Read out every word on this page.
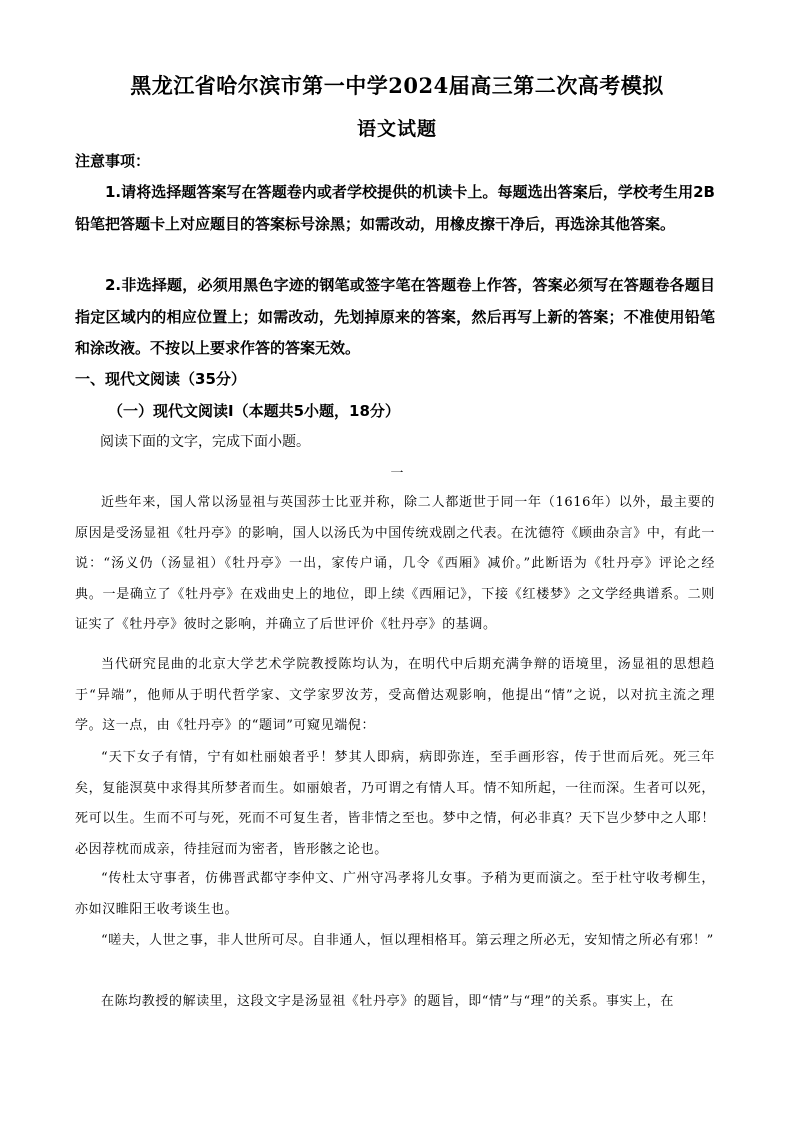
黑龙江省哈尔滨市第一中学2024届高三第二次高考模拟
语文试题
注意事项：

1.请将选择题答案写在答题卷内或者学校提供的机读卡上。每题选出答案后，学校考生用2B铅笔把答题卡上对应题目的答案标号涂黑；如需改动，用橡皮擦干净后，再选涂其他答案。

2.非选择题，必须用黑色字迹的钢笔或签字笔在答题卷上作答，答案必须写在答题卷各题目指定区域内的相应位置上；如需改动，先划掉原来的答案，然后再写上新的答案；不准使用铅笔和涂改液。不按以上要求作答的答案无效。

一、现代文阅读（35分）
（一）现代文阅读Ⅰ（本题共5小题，18分）
阅读下面的文字，完成下面小题。
一

近些年来，国人常以汤显祖与英国莎士比亚并称，除二人都逝世于同一年（1616年）以外，最主要的原因是受汤显祖《牡丹亭》的影响，国人以汤氏为中国传统戏剧之代表。在沈德符《顾曲杂言》中，有此一说：“汤义仍（汤显祖）《牡丹亭》一出，家传户诵，几令《西厢》减价。”此断语为《牡丹亭》评论之经典。一是确立了《牡丹亭》在戏曲史上的地位，即上续《西厢记》，下接《红楼梦》之文学经典谱系。二则证实了《牡丹亭》彼时之影响，并确立了后世评价《牡丹亭》的基调。

当代研究昆曲的北京大学艺术学院教授陈均认为，在明代中后期充满争辩的语境里，汤显祖的思想趋于“异端”，他师从于明代哲学家、文学家罗汝芳，受高僧达观影响，他提出“情”之说，以对抗主流之理学。这一点，由《牡丹亭》的“题词”可窥见端倪：

“天下女子有情，宁有如杜丽娘者乎！梦其人即病，病即弥连，至手画形容，传于世而后死。死三年矣，复能溟莫中求得其所梦者而生。如丽娘者，乃可谓之有情人耳。情不知所起，一往而深。生者可以死，死可以生。生而不可与死，死而不可复生者，皆非情之至也。梦中之情，何必非真？天下岂少梦中之人耶！必因荐枕而成亲，待挂冠而为密者，皆形骸之论也。

“传杜太守事者，仿佛晋武都守李仲文、广州守冯孝将儿女事。予稍为更而演之。至于杜守收考柳生，亦如汉睢阳王收考谈生也。

“嗟夫，人世之事，非人世所可尽。自非通人，恒以理相格耳。第云理之所必无，安知情之所必有邪！”

在陈均教授的解读里，这段文字是汤显祖《牡丹亭》的题旨，即“情”与“理”的关系。事实上，在
